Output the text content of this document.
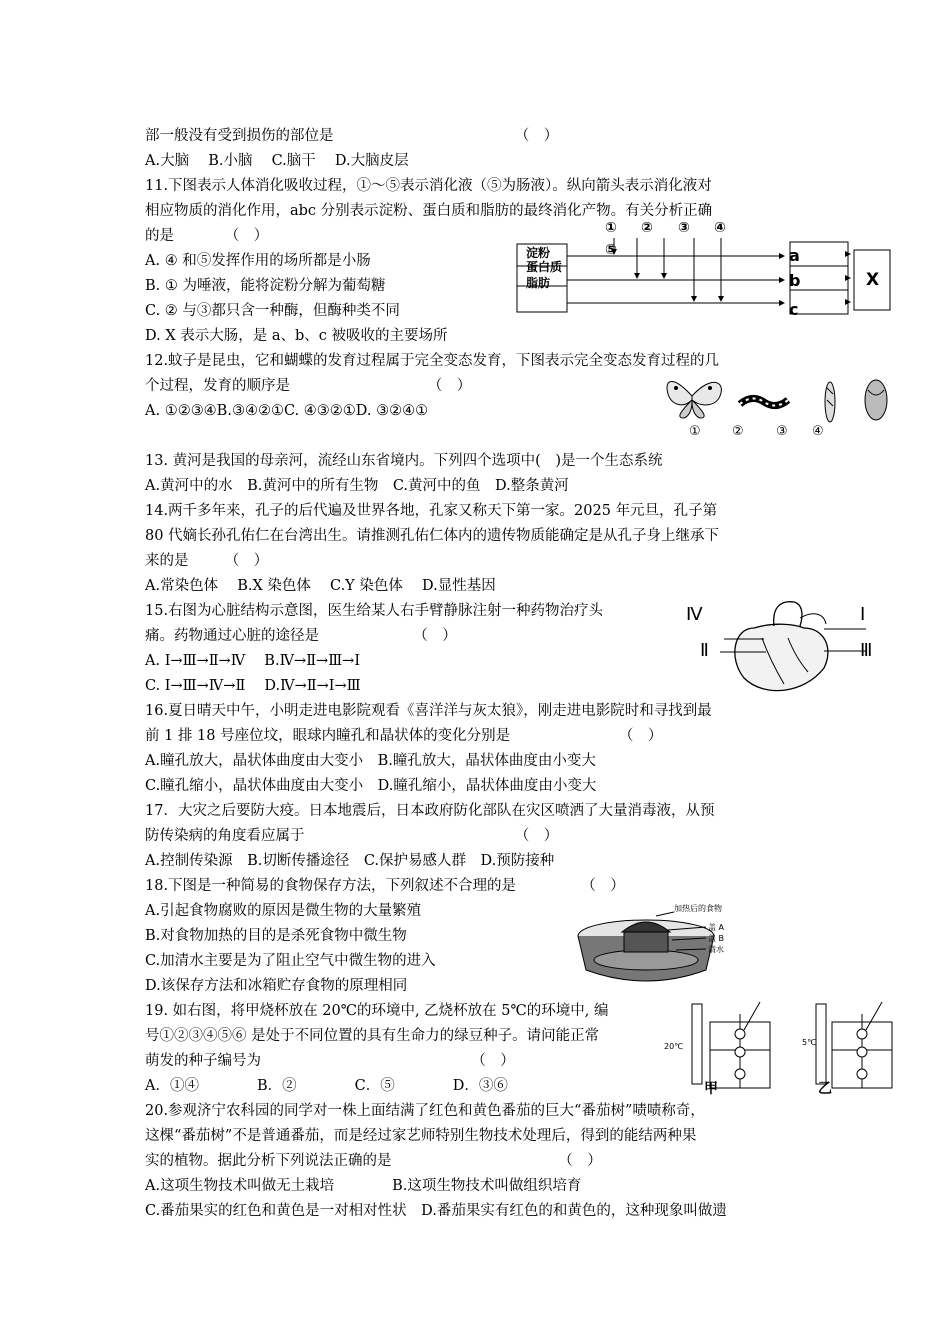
部一般没有受到损伤的部位是　　　　　　　　　　　　　（　）
A.大脑　 B.小脑　 C.脑干　 D.大脑皮层
11.下图表示人体消化吸收过程，①～⑤表示消化液（⑤为肠液）。纵向箭头表示消化液对
相应物质的消化作用，abc 分别表示淀粉、蛋白质和脂肪的最终消化产物。有关分析正确
的是　　　　（　）
A. ④ 和⑤发挥作用的场所都是小肠
B. ① 为唾液，能将淀粉分解为葡萄糖
C. ② 与③都只含一种酶，但酶种类不同
D. X 表示大肠，是 a、b、c 被吸收的主要场所
12.蚊子是昆虫，它和蝴蝶的发育过程属于完全变态发育，下图表示完全变态发育过程的几
个过程，发育的顺序是　　　　　　　　　　（　）
A. ①②③④B.③④②①C. ④③②①D. ③②④①
13. 黄河是我国的母亲河，流经山东省境内。下列四个选项中(　)是一个生态系统
A.黄河中的水　B.黄河中的所有生物　C.黄河中的鱼　D.整条黄河
14.两千多年来，孔子的后代遍及世界各地，孔家又称天下第一家。2025 年元旦，孔子第
80 代嫡长孙孔佑仁在台湾出生。请推测孔佑仁体内的遗传物质能确定是从孔子身上继承下
来的是　　　（　）
A.常染色体　 B.X 染色体　 C.Y 染色体　 D.显性基因
15.右图为心脏结构示意图，医生给某人右手臂静脉注射一种药物治疗头
痛。药物通过心脏的途径是　　　　　　　（　）
A. Ⅰ→Ⅲ→Ⅱ→Ⅳ　 B.Ⅳ→Ⅱ→Ⅲ→Ⅰ
C. Ⅰ→Ⅲ→Ⅳ→Ⅱ　 D.Ⅳ→Ⅱ→Ⅰ→Ⅲ
16.夏日晴天中午，小明走进电影院观看《喜洋洋与灰太狼》，刚走进电影院时和寻找到最
前 1 排 18 号座位坟，眼球内瞳孔和晶状体的变化分别是　　　　　　　　（　）
A.瞳孔放大，晶状体曲度由大变小　B.瞳孔放大，晶状体曲度由小变大
C.瞳孔缩小，晶状体曲度由大变小　D.瞳孔缩小，晶状体曲度由小变大
17．大灾之后要防大疫。日本地震后，日本政府防化部队在灾区喷洒了大量消毒液，从预
防传染病的角度看应属于　　　　　　　　　　　　　　　（　）
A.控制传染源　B.切断传播途径　C.保护易感人群　D.预防接种
18.下图是一种简易的食物保存方法，下列叙述不合理的是　　　　　（　）
A.引起食物腐败的原因是微生物的大量繁殖
B.对食物加热的目的是杀死食物中微生物
C.加清水主要是为了阻止空气中微生物的进入
D.该保存方法和冰箱贮存食物的原理相同
19. 如右图，将甲烧杯放在 20℃的环境中, 乙烧杯放在 5℃的环境中, 编
号①②③④⑤⑥ 是处于不同位置的具有生命力的绿豆种子。请问能正常
萌发的种子编号为　　　　　　　　　　　　　　　（　）
A．①④　　　　B．②　　　　C．⑤　　　　D．③⑥
20.参观济宁农科园的同学对一株上面结满了红色和黄色番茄的巨大“番茄树”啧啧称奇，
这棵“番茄树”不是普通番茄，而是经过家艺师特别生物技术处理后，得到的能结两种果
实的植物。据此分析下列说法正确的是　　　　　　　　　　　　（　）
A.这项生物技术叫做无土栽培　　　　B.这项生物技术叫做组织培育
C.番茄果实的红色和黄色是一对相对性状　D.番茄果实有红色的和黄色的，这种现象叫做遗
淀粉
蛋白质
脂肪
①
⑤
② ③ ④
a
b
c
X
① ② ③ ④
Ⅳ	Ⅰ
Ⅱ	Ⅲ
加热后的食物
盖 A
盖 B
清水
20℃	5℃
甲	乙
